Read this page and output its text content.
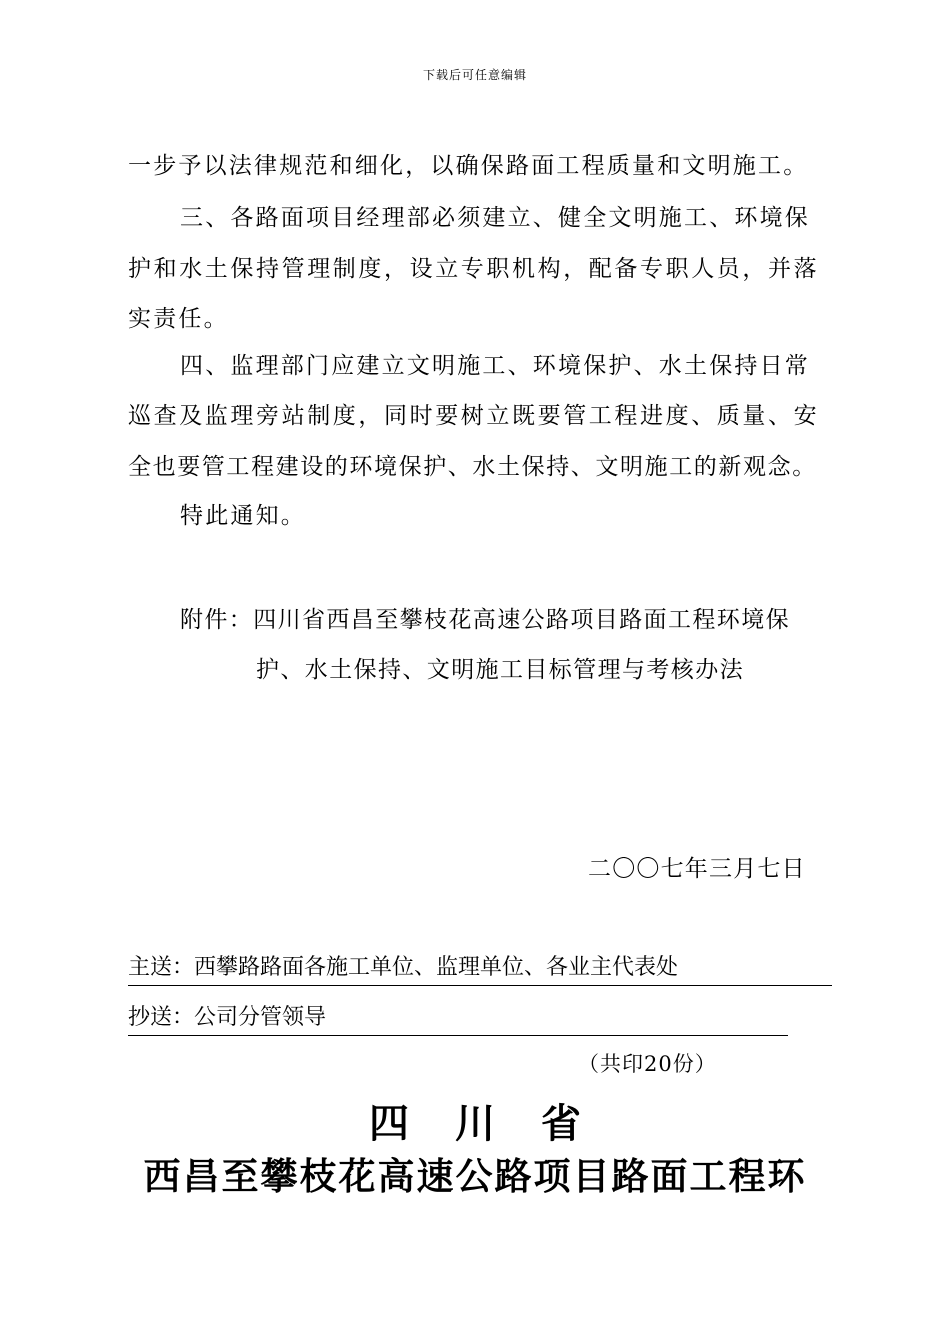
下载后可任意编辑
一步予以法律规范和细化，以确保路面工程质量和文明施工。
三、各路面项目经理部必须建立、健全文明施工、环境保
护和水土保持管理制度，设立专职机构，配备专职人员，并落
实责任。
四、监理部门应建立文明施工、环境保护、水土保持日常
巡查及监理旁站制度，同时要树立既要管工程进度、质量、安
全也要管工程建设的环境保护、水土保持、文明施工的新观念。
特此通知。
附件：四川省西昌至攀枝花高速公路项目路面工程环境保
护、水土保持、文明施工目标管理与考核办法
二〇〇七年三月七日
主送：西攀路路面各施工单位、监理单位、各业主代表处
抄送：公司分管领导
（共印20份）
四川省
西昌至攀枝花高速公路项目路面工程环
